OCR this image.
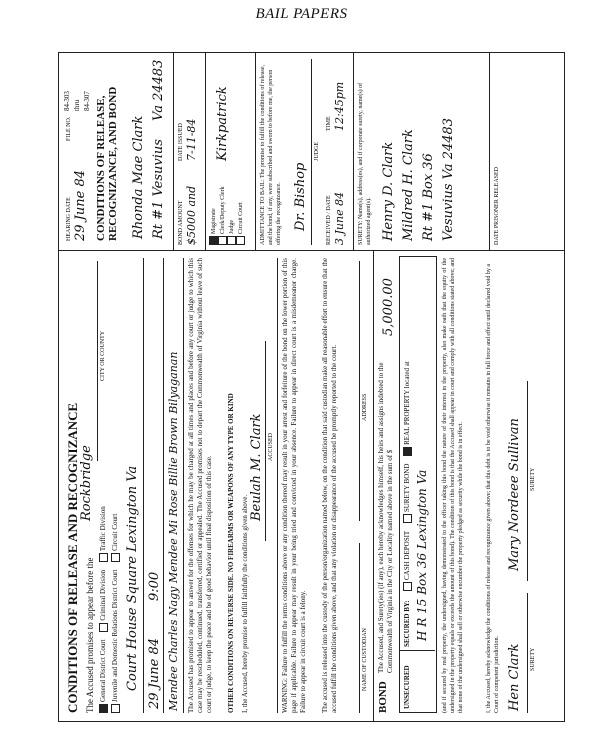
BAIL PAPERS
CONDITIONS OF RELEASE AND RECOGNIZANCE The Accused promises to appear before the
Rockbridge
General District Court Criminal Division Traffic Division
Juvenile and Domestic Relations District Court Circuit Court
CITY OR COUNTY
Court House Square Lexington Va 29 June 84
9:00 Mendee Charles Nagy Mendee Mi Rose Billie Brown Bilyaganan The Accused has promised to appear to answer for the offenses for which he may be charged at all times and places and before any court or judge to which this case may be rescheduled, continued, transferred, certified or appealed. The Accused promises not to depart the Commonwealth of Virginia without leave of such court or judge, to keep the peace and be of good behavior until final disposition of this case. OTHER CONDITIONS ON REVERSE SIDE. NO FIREARMS OR WEAPONS OF ANY TYPE OR KIND I, the Accused, hereby promise to fulfill faithfully the conditions given above.
Beulah M. Clark ACCUSED WARNING: Failure to fulfill the terms conditions above or any condition thereof may result in your arrest and forfeiture of the bond on the lower portion of this page if applicable. Failure to appear may result in your being tried and convicted in your absence. Failure to appear in direct court is a misdemeanor charge. Failure to appear in circuit court is a felony. The accused is released into the custody of the person/organization named below, on the condition that said custodian make all reasonable effort to ensure that the accused fulfill the conditions given above, and that any violation or disappearance of the accused be promptly reported to the court.	NAME OF CUSTODIAN
ADDRESS
BOND
The Accused, and Surety(ies) (if any), each hereby acknowledges himself, his heirs and assigns indebted to the Commonwealth of Virginia in the City or Locality named above in the sum of $
5,000.00
UNSECURED
SECURED BY:
CASH DEPOSIT SURETY BOND REAL PROPERTY located at
H R 15 Box 36 Lexington Va (and if secured by real property, the undersigned, having demonstrated to the officer taking this bond the nature of their interest in the property, also make oath that the equity of the undersigned in the property equals or exceeds the amount of this bond). The condition of this bond is that the Accused shall appear in court and comply with all conditions stated above; and that none of the undersigned shall sell or otherwise encumber the property pledged as security while the bond is in effect.	I, the Accused, hereby acknowledge the conditions of release and recognizance given above; that this debt is to be void otherwise it remains in full force and effect until declared void by a Court of competent jurisdiction. Hen Clark
Mary Nordeee Sullivan
SURETY
SURETY
HEARING DATE 29 June 84
FILE NO.
84-303 thru 84-307 CONDITIONS OF RELEASE, RECOGNIZANCE, AND BOND Rhonda Mae Clark Rt #1 Vesuvius
Va 24483
BOND AMOUNT $5000 and
DATE ISSUED 7-11-84
Magistrate Clerk/Deputy Clerk Judge Circuit Court
Kirkpatrick	ADMITTANCE TO BAIL: The promise to fulfill the conditions of release, and the bond, if any, were subscribed and sworn to before me, the person offering the recognizance. Dr. Bishop
JUDGE
RECEIVED / DATE 3 June 84
TIME 12:45pm SURETY: Name(s), address(es), and if corporate surety, name(s) of authorized agent(s). Henry D. Clark Mildred H. Clark Rt #1 Box 36 Vesuvius Va 24483	DATE PRISONER RELEASED
